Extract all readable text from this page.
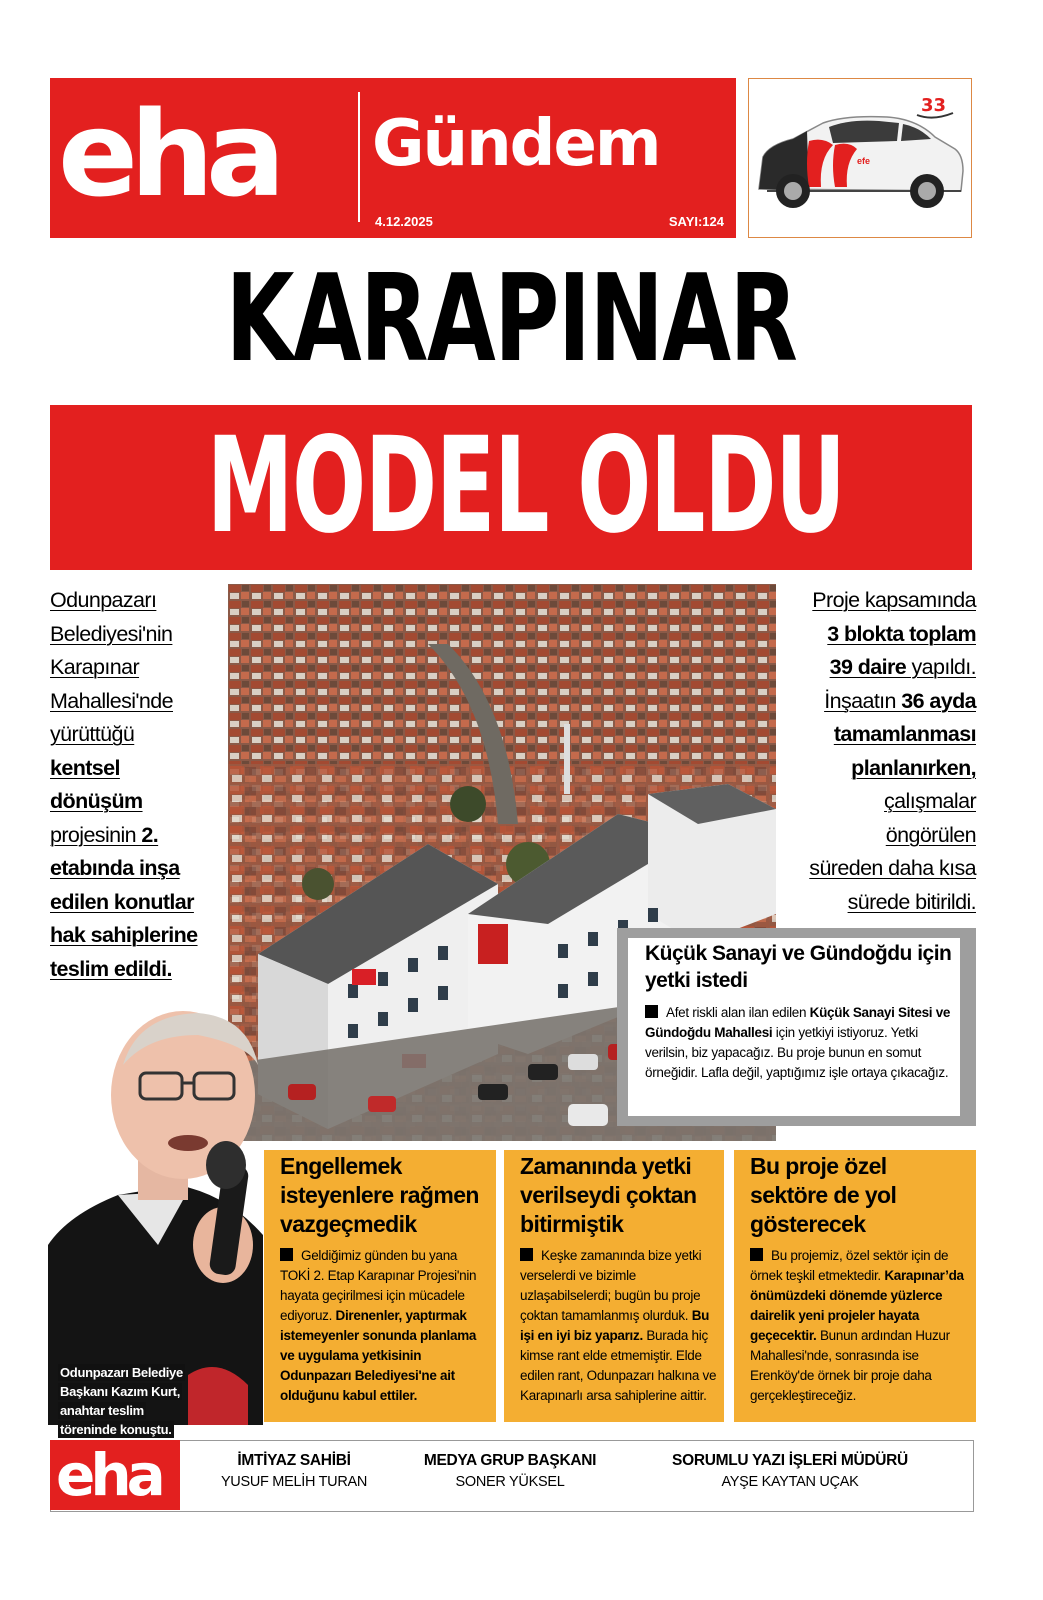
eha Gündem
4.12.2025	SAYI:124
efe
33
KARAPINAR
MODEL OLDU
Odunpazarı
Belediyesi'nin
Karapınar
Mahallesi'nde
yürüttüğü
kentsel
dönüşüm
projesinin 2.
etabında inşa
edilen konutlar
hak sahiplerine
teslim edildi.
Proje kapsamında
3 blokta toplam
39 daire yapıldı.
İnşaatın 36 ayda
tamamlanması
planlanırken,
çalışmalar
öngörülen
süreden daha kısa
sürede bitirildi.
Küçük Sanayi ve Gündoğdu için yetki istedi
Afet riskli alan ilan edilen Küçük Sanayi Sitesi ve Gündoğdu Mahallesi için yetkiyi istiyoruz. Yetki verilsin, biz yapacağız. Bu proje bunun en somut örneğidir. Lafla değil, yaptığımız işle ortaya çıkacağız.
Engellemek isteyenlere rağmen vazgeçmedik
Geldiğimiz günden bu yana TOKİ 2. Etap Karapınar Projesi'nin hayata geçirilmesi için mücadele ediyoruz. Direnenler, yaptırmak istemeyenler sonunda planlama ve uygulama yetkisinin Odunpazarı Belediyesi'ne ait olduğunu kabul ettiler.
Zamanında yetki verilseydi çoktan bitirmiştik
Keşke zamanında bize yetki verselerdi ve bizimle uzlaşabilselerdi; bugün bu proje çoktan tamamlanmış olurduk. Bu işi en iyi biz yaparız. Burada hiç kimse rant elde etmemiştir. Elde edilen rant, Odunpazarı halkına ve Karapınarlı arsa sahiplerine aittir.
Bu proje özel sektöre de yol gösterecek
Bu projemiz, özel sektör için de örnek teşkil etmektedir. Karapınar’da önümüzdeki dönemde yüzlerce dairelik yeni projeler hayata geçecektir. Bunun ardından Huzur Mahallesi'nde, sonrasında ise Erenköy'de örnek bir proje daha gerçekleştireceğiz.
Odunpazarı Belediye Başkanı Kazım Kurt, anahtar teslim töreninde konuştu.
eha	İMTİYAZ SAHİBİ
YUSUF MELİH TURAN
MEDYA GRUP BAŞKANI
SONER YÜKSEL
SORUMLU YAZI İŞLERİ MÜDÜRÜ
AYŞE KAYTAN UÇAK
